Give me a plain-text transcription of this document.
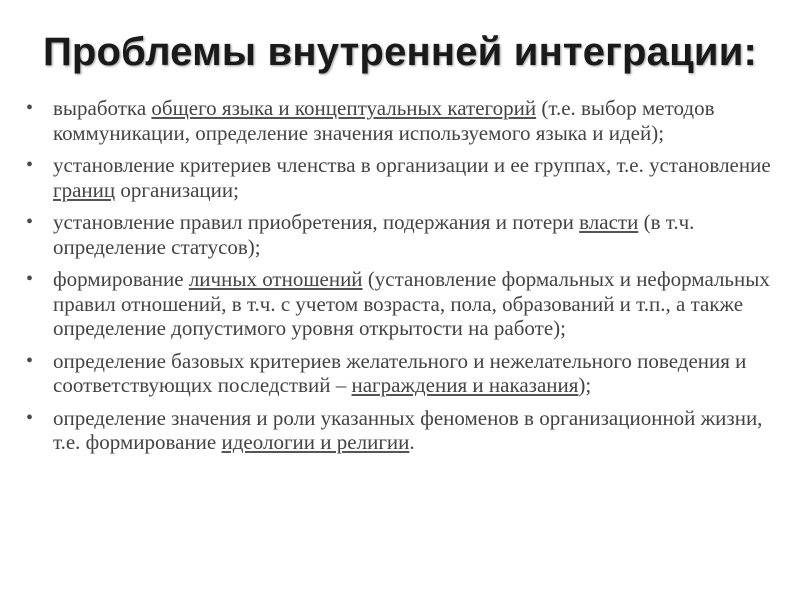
Проблемы внутренней интеграции:
• выработка общего языка и концептуальных категорий (т.е. выбор методов коммуникации, определение значения используемого языка и идей);
• установление критериев членства в организации и ее группах, т.е. установление границ организации;
• установление правил приобретения, подержания и потери власти (в т.ч. определение статусов);
• формирование личных отношений (установление формальных и неформальных правил отношений, в т.ч. с учетом возраста, пола, образований и т.п., а также определение допустимого уровня открытости на работе);
• определение базовых критериев желательного и нежелательного поведения и соответствующих последствий – награждения и наказания);
• определение значения и роли указанных феноменов в организационной жизни, т.е. формирование идеологии и религии.
